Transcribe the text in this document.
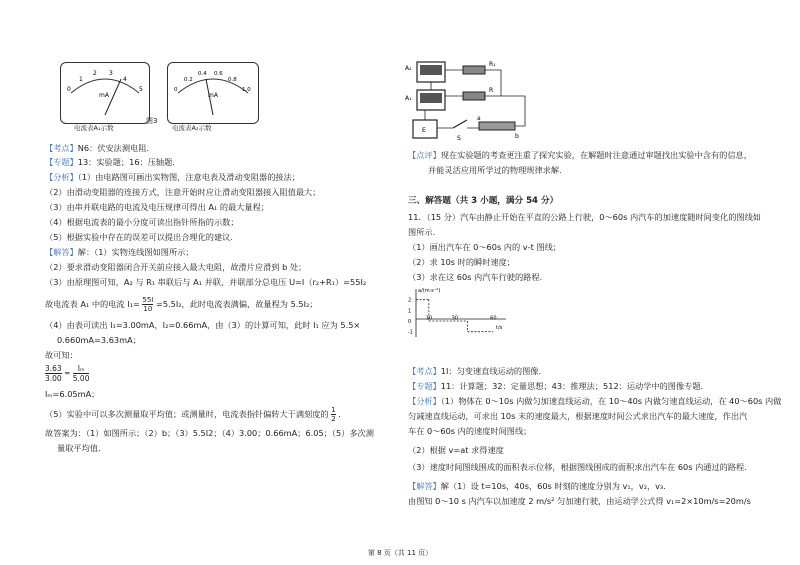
0
1
2 3
4
5
mA
电流表A₁示数
0
0.2
0.4 0.6
0.8
1.0
mA
电流表A₂示数
图3
【考点】N6：伏安法测电阻.
【专题】13：实验题；16：压轴题.
【分析】（1）由电路图可画出实物图，注意电表及滑动变阻器的接法；
（2）由滑动变阻器的连接方式，注意开始时应让滑动变阻器接入阻值最大；
（3）由串并联电路的电流及电压规律可得出 A₁ 的最大量程；
（4）根据电流表的最小分度可读出指针所指的示数；
（5）根据实验中存在的误差可以提出合理化的建议.
【解答】解：（1）实物连线图如图所示；
（2）要求滑动变阻器闭合开关前应接入最大电阻，故滑片应滑到 b 处；
（3）由原理图可知，A₂ 与 R₁ 串联后与 A₁ 并联，并联部分总电压 U=I（r₂+R₁）=55I₂
故电流表 A₁ 中的电流 $I_1= \frac{55I}{10} =5.5I_2$，此时电流表满偏，故量程为 5.5I₂；
（4）由表可读出 I₁=3.00mA，I₂=0.66mA，由（3）的计算可知，此时 I₁ 应为 5.5×
0.660mA=3.63mA；
故可知：
$\frac{3.63}{3.00} = \frac{\text{Iₘ}}{5.00}$
Iₘ=6.05mA；
（5）实验中可以多次测量取平均值；或测量时，电流表指针偏转大于满刻度的 $\frac{1}{2}$ .
故答案为：（1）如图所示；（2）b；（3）5.5I2；（4）3.00；0.66mA；6.05；（5）多次测
量取平均值.
A₂
R₁
A₁
R
E
S
a
b
【点评】现在实验题的考查更注重了探究实验，在解题时注意通过审题找出实验中含有的信息，
并能灵活应用所学过的物理规律求解.
三、解答题（共 3 小题，满分 54 分）
11．（15 分）汽车由静止开始在平直的公路上行驶，0～60s 内汽车的加速度随时间变化的图线如
图所示.
（1）画出汽车在 0～60s 内的 v‑t 图线；
（2）求 10s 时的瞬时速度；
（3）求在这 60s 内汽车行驶的路程.
a/(m·s⁻²)
t/s
2
1
0
-1
10	30	60
【考点】1I：匀变速直线运动的图像.
【专题】11：计算题；32：定量思想；43：推理法；512：运动学中的图像专题.
【分析】（1）物体在 0～10s 内做匀加速直线运动，在 10～40s 内做匀速直线运动，在 40～60s 内做
匀减速直线运动，可求出 10s 末的速度最大，根据速度时间公式求出汽车的最大速度，作出汽
车在 0～60s 内的速度时间图线；
（2）根据 v=at 求得速度
（3）速度时间图线围成的面积表示位移，根据图线围成的面积求出汽车在 60s 内通过的路程.
【解答】解（1）设 t=10s，40s，60s 时刻的速度分别为 v₁，v₂，v₃.
由图知 0～10 s 内汽车以加速度 2 m/s² 匀加速行驶，由运动学公式得 v₁=2×10m/s=20m/s
第 8 页（共 11 页）
